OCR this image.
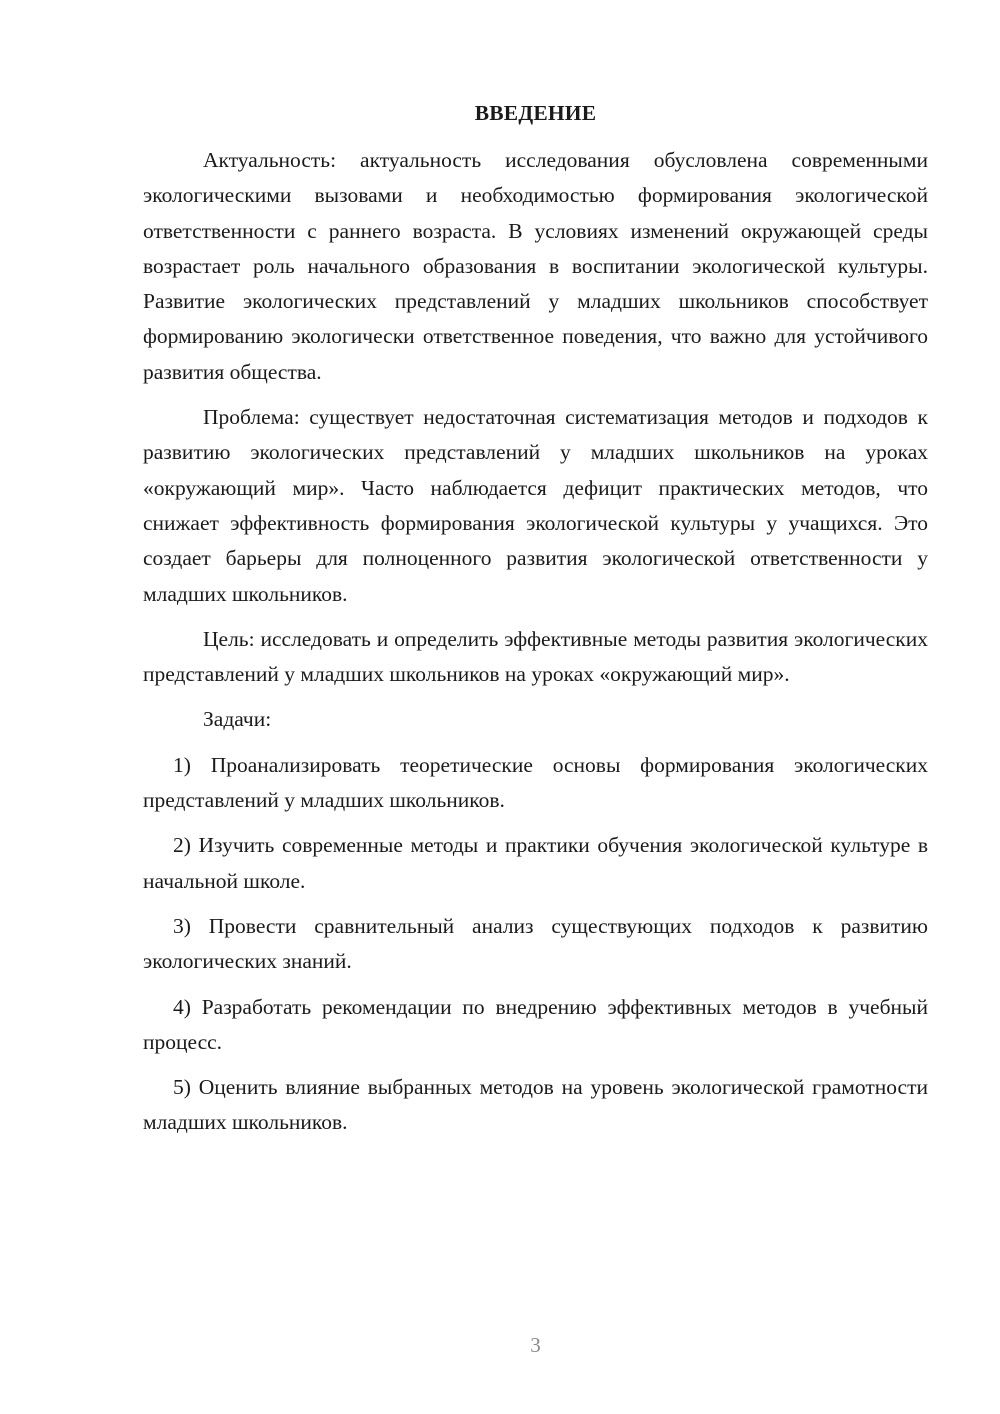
ВВЕДЕНИЕ

Актуальность: актуальность исследования обусловлена современными экологическими вызовами и необходимостью формирования экологической ответственности с раннего возраста. В условиях изменений окружающей среды возрастает роль начального образования в воспитании экологической культуры. Развитие экологических представлений у младших школьников способствует формированию экологически ответственное поведения, что важно для устойчивого развития общества.

Проблема: существует недостаточная систематизация методов и подходов к развитию экологических представлений у младших школьников на уроках «окружающий мир». Часто наблюдается дефицит практических методов, что снижает эффективность формирования экологической культуры у учащихся. Это создает барьеры для полноценного развития экологической ответственности у младших школьников.

Цель: исследовать и определить эффективные методы развития экологических представлений у младших школьников на уроках «окружающий мир».

Задачи:

1) Проанализировать теоретические основы формирования экологических представлений у младших школьников.

2) Изучить современные методы и практики обучения экологической культуре в начальной школе.

3) Провести сравнительный анализ существующих подходов к развитию экологических знаний.

4) Разработать рекомендации по внедрению эффективных методов в учебный процесс.

5) Оценить влияние выбранных методов на уровень экологической грамотности младших школьников.

3
